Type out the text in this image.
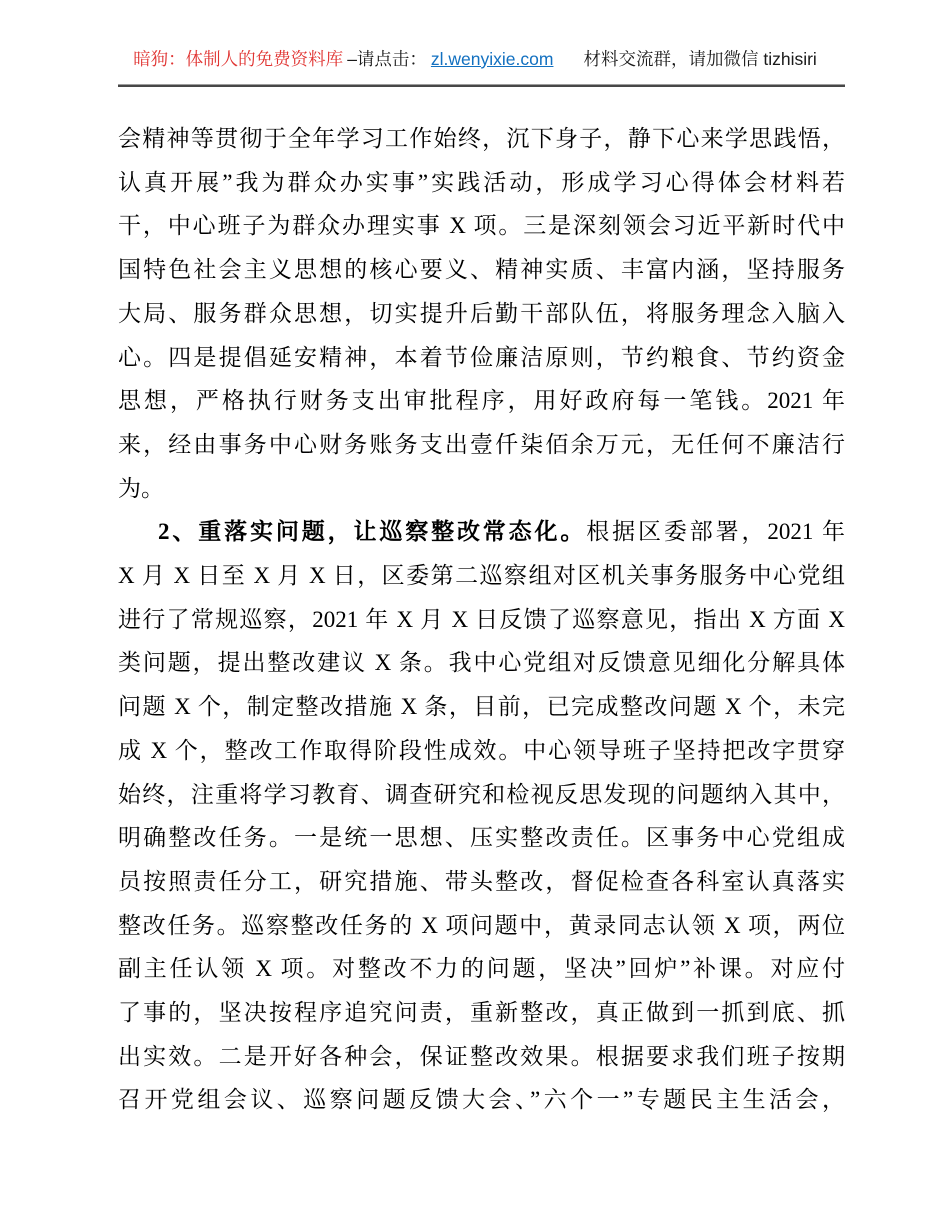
暗狗：体制人的免费资料库 –请点击： zl.wenyixie.com 材料交流群，请加微信 tizhisiri
会精神等贯彻于全年学习工作始终，沉下身子，静下心来学思践悟，
认真开展”我为群众办实事”实践活动，形成学习心得体会材料若
干，中心班子为群众办理实事 X 项。三是深刻领会习近平新时代中
国特色社会主义思想的核心要义、精神实质、丰富内涵，坚持服务
大局、服务群众思想，切实提升后勤干部队伍，将服务理念入脑入
心。四是提倡延安精神，本着节俭廉洁原则，节约粮食、节约资金
思想，严格执行财务支出审批程序，用好政府每一笔钱。2021 年
来，经由事务中心财务账务支出壹仟柒佰余万元，无任何不廉洁行
为。
2、重落实问题，让巡察整改常态化。根据区委部署，2021 年
X 月 X 日至 X 月 X 日，区委第二巡察组对区机关事务服务中心党组
进行了常规巡察，2021 年 X 月 X 日反馈了巡察意见，指出 X 方面 X
类问题，提出整改建议 X 条。我中心党组对反馈意见细化分解具体
问题 X 个，制定整改措施 X 条，目前，已完成整改问题 X 个，未完
成 X 个，整改工作取得阶段性成效。中心领导班子坚持把改字贯穿
始终，注重将学习教育、调查研究和检视反思发现的问题纳入其中，
明确整改任务。一是统一思想、压实整改责任。区事务中心党组成
员按照责任分工，研究措施、带头整改，督促检查各科室认真落实
整改任务。巡察整改任务的 X 项问题中，黄录同志认领 X 项，两位
副主任认领 X 项。对整改不力的问题，坚决”回炉”补课。对应付
了事的，坚决按程序追究问责，重新整改，真正做到一抓到底、抓
出实效。二是开好各种会，保证整改效果。根据要求我们班子按期
召开党组会议、巡察问题反馈大会、”六个一”专题民主生活会，
